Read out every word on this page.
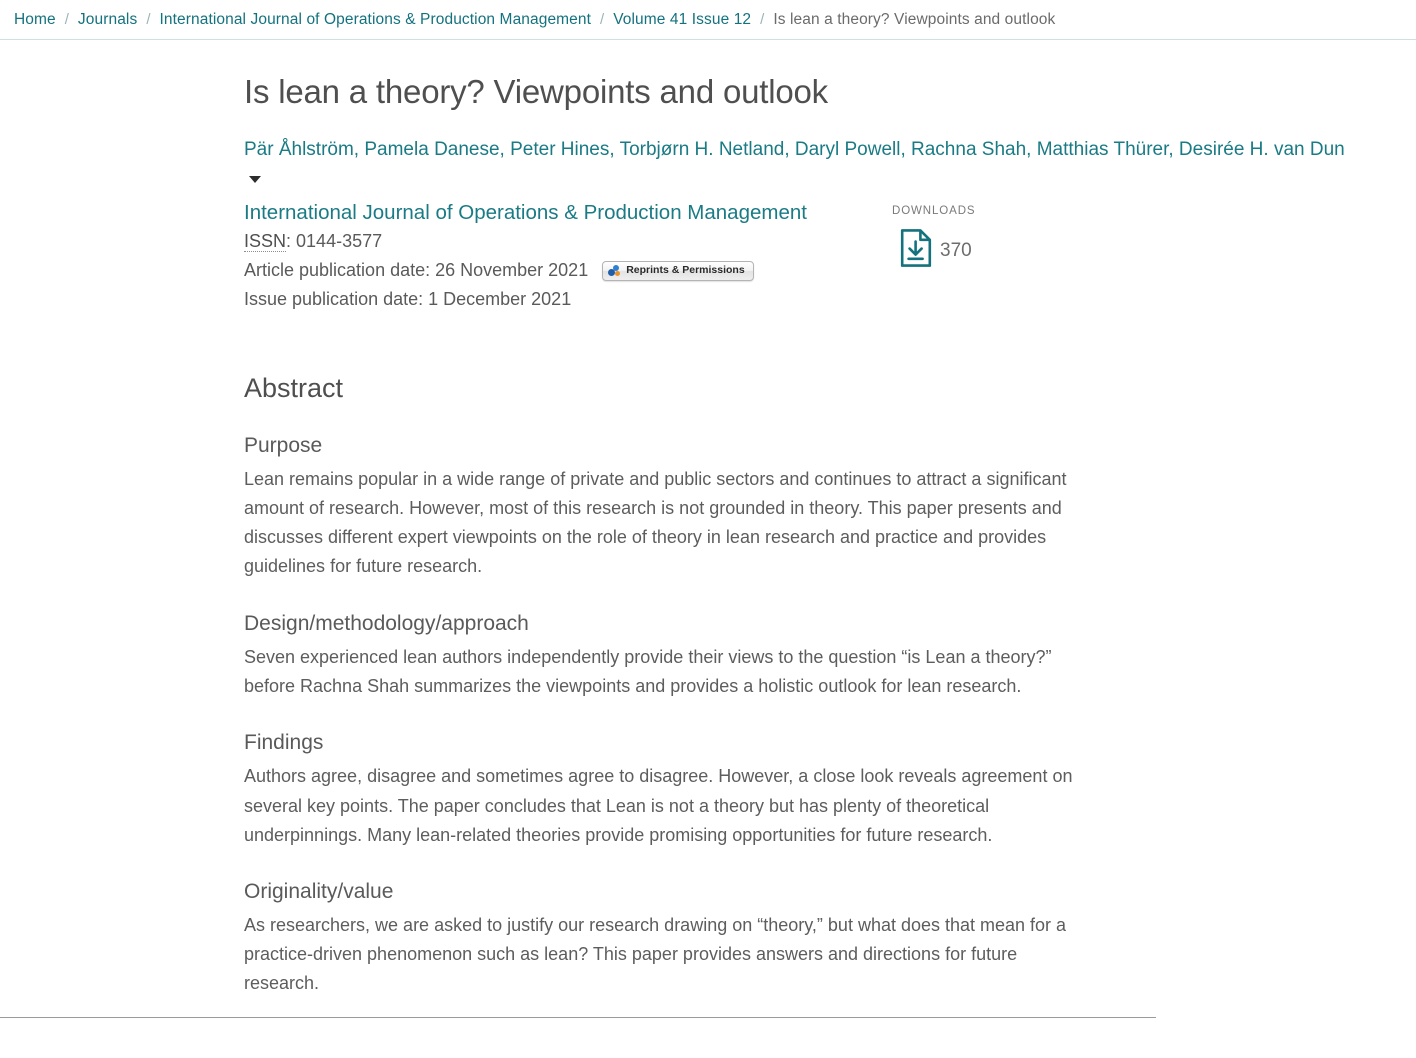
Home / Journals / International Journal of Operations & Production Management / Volume 41 Issue 12 / Is lean a theory? Viewpoints and outlook
Is lean a theory? Viewpoints and outlook
Pär Åhlström, Pamela Danese, Peter Hines, Torbjørn H. Netland, Daryl Powell, Rachna Shah, Matthias Thürer, Desirée H. van Dun
International Journal of Operations & Production Management
ISSN: 0144-3577
Article publication date: 26 November 2021	Reprints & Permissions
Issue publication date: 1 December 2021
DOWNLOADS
370
Abstract
Purpose

Lean remains popular in a wide range of private and public sectors and continues to attract a significant amount of research. However, most of this research is not grounded in theory. This paper presents and discusses different expert viewpoints on the role of theory in lean research and practice and provides guidelines for future research.

Design/methodology/approach

Seven experienced lean authors independently provide their views to the question “is Lean a theory?” before Rachna Shah summarizes the viewpoints and provides a holistic outlook for lean research.

Findings

Authors agree, disagree and sometimes agree to disagree. However, a close look reveals agreement on several key points. The paper concludes that Lean is not a theory but has plenty of theoretical underpinnings. Many lean-related theories provide promising opportunities for future research.

Originality/value

As researchers, we are asked to justify our research drawing on “theory,” but what does that mean for a practice-driven phenomenon such as lean? This paper provides answers and directions for future research.
